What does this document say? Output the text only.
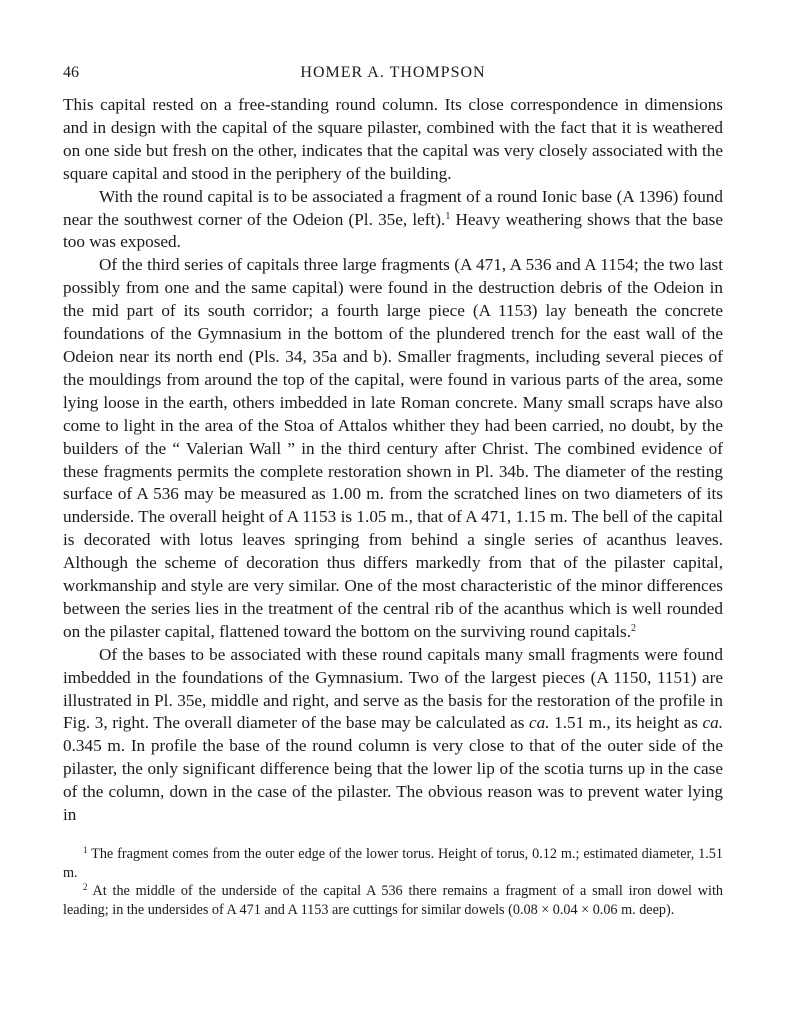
46	HOMER A. THOMPSON

This capital rested on a free-standing round column. Its close correspondence in dimensions and in design with the capital of the square pilaster, combined with the fact that it is weathered on one side but fresh on the other, indicates that the capital was very closely associated with the square capital and stood in the periphery of the building.

With the round capital is to be associated a fragment of a round Ionic base (A 1396) found near the southwest corner of the Odeion (Pl. 35e, left).$^1$ Heavy weathering shows that the base too was exposed.

Of the third series of capitals three large fragments (A 471, A 536 and A 1154; the two last possibly from one and the same capital) were found in the destruction debris of the Odeion in the mid part of its south corridor; a fourth large piece (A 1153) lay beneath the concrete foundations of the Gymnasium in the bottom of the plundered trench for the east wall of the Odeion near its north end (Pls. 34, 35a and b). Smaller fragments, including several pieces of the mouldings from around the top of the capital, were found in various parts of the area, some lying loose in the earth, others imbedded in late Roman concrete. Many small scraps have also come to light in the area of the Stoa of Attalos whither they had been carried, no doubt, by the builders of the “ Valerian Wall ” in the third century after Christ. The combined evidence of these fragments permits the complete restoration shown in Pl. 34b. The diameter of the resting surface of A 536 may be measured as 1.00 m. from the scratched lines on two diameters of its underside. The overall height of A 1153 is 1.05 m., that of A 471, 1.15 m. The bell of the capital is decorated with lotus leaves springing from behind a single series of acanthus leaves. Although the scheme of decoration thus differs markedly from that of the pilaster capital, workmanship and style are very similar. One of the most characteristic of the minor differences between the series lies in the treatment of the central rib of the acanthus which is well rounded on the pilaster capital, flattened toward the bottom on the surviving round capitals.$^2$

Of the bases to be associated with these round capitals many small fragments were found imbedded in the foundations of the Gymnasium. Two of the largest pieces (A 1150, 1151) are illustrated in Pl. 35e, middle and right, and serve as the basis for the restoration of the profile in Fig. 3, right. The overall diameter of the base may be calculated as ca. 1.51 m., its height as ca. 0.345 m. In profile the base of the round column is very close to that of the outer side of the pilaster, the only significant difference being that the lower lip of the scotia turns up in the case of the column, down in the case of the pilaster. The obvious reason was to prevent water lying in

$^1$ The fragment comes from the outer edge of the lower torus. Height of torus, 0.12 m.; estimated diameter, 1.51 m.

$^2$ At the middle of the underside of the capital A 536 there remains a fragment of a small iron dowel with leading; in the undersides of A 471 and A 1153 are cuttings for similar dowels (0.08 × 0.04 × 0.06 m. deep).
